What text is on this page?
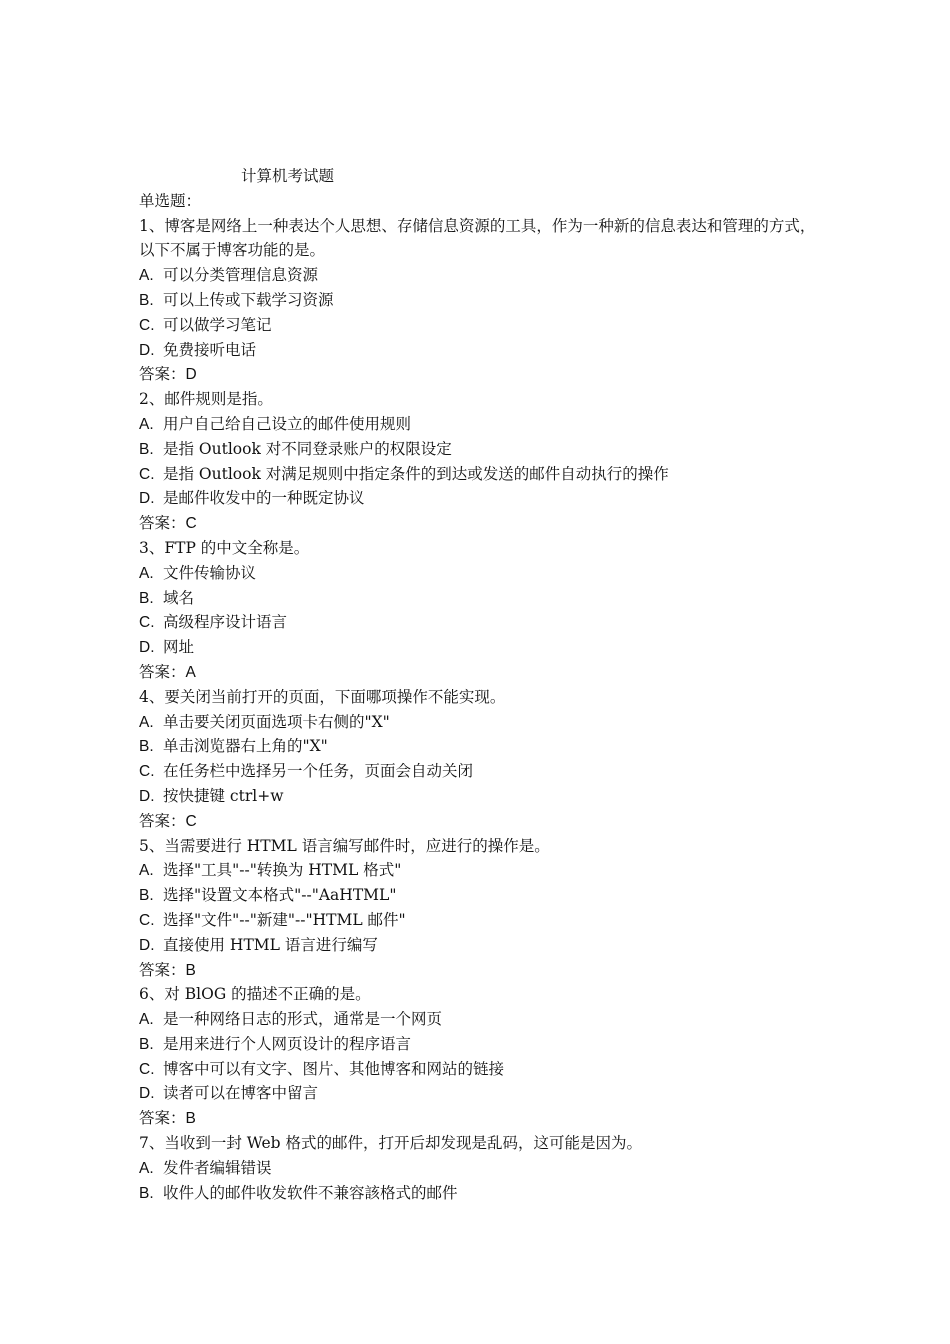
计算机考试题
单选题：
1、博客是网络上一种表达个人思想、存储信息资源的工具，作为一种新的信息表达和管理的方式，以下不属于博客功能的是。
A. 可以分类管理信息资源
B. 可以上传或下载学习资源
C. 可以做学习笔记
D. 免费接听电话
答案：D
2、邮件规则是指。
A. 用户自己给自己设立的邮件使用规则
B. 是指 Outlook 对不同登录账户的权限设定
C. 是指 Outlook 对满足规则中指定条件的到达或发送的邮件自动执行的操作
D. 是邮件收发中的一种既定协议
答案：C
3、FTP 的中文全称是。
A. 文件传输协议
B. 域名
C. 高级程序设计语言
D. 网址
答案：A
4、要关闭当前打开的页面，下面哪项操作不能实现。
A. 单击要关闭页面选项卡右侧的"X"
B. 单击浏览器右上角的"X"
C. 在任务栏中选择另一个任务，页面会自动关闭
D. 按快捷键 ctrl+w
答案：C
5、当需要进行 HTML 语言编写邮件时，应进行的操作是。
A. 选择"工具"--"转换为 HTML 格式"
B. 选择"设置文本格式"--"AaHTML"
C. 选择"文件"--"新建"--"HTML 邮件"
D. 直接使用 HTML 语言进行编写
答案：B
6、对 BlOG 的描述不正确的是。
A. 是一种网络日志的形式，通常是一个网页
B. 是用来进行个人网页设计的程序语言
C. 博客中可以有文字、图片、其他博客和网站的链接
D. 读者可以在博客中留言
答案：B
7、当收到一封 Web 格式的邮件，打开后却发现是乱码，这可能是因为。
A. 发件者编辑错误
B. 收件人的邮件收发软件不兼容該格式的邮件
